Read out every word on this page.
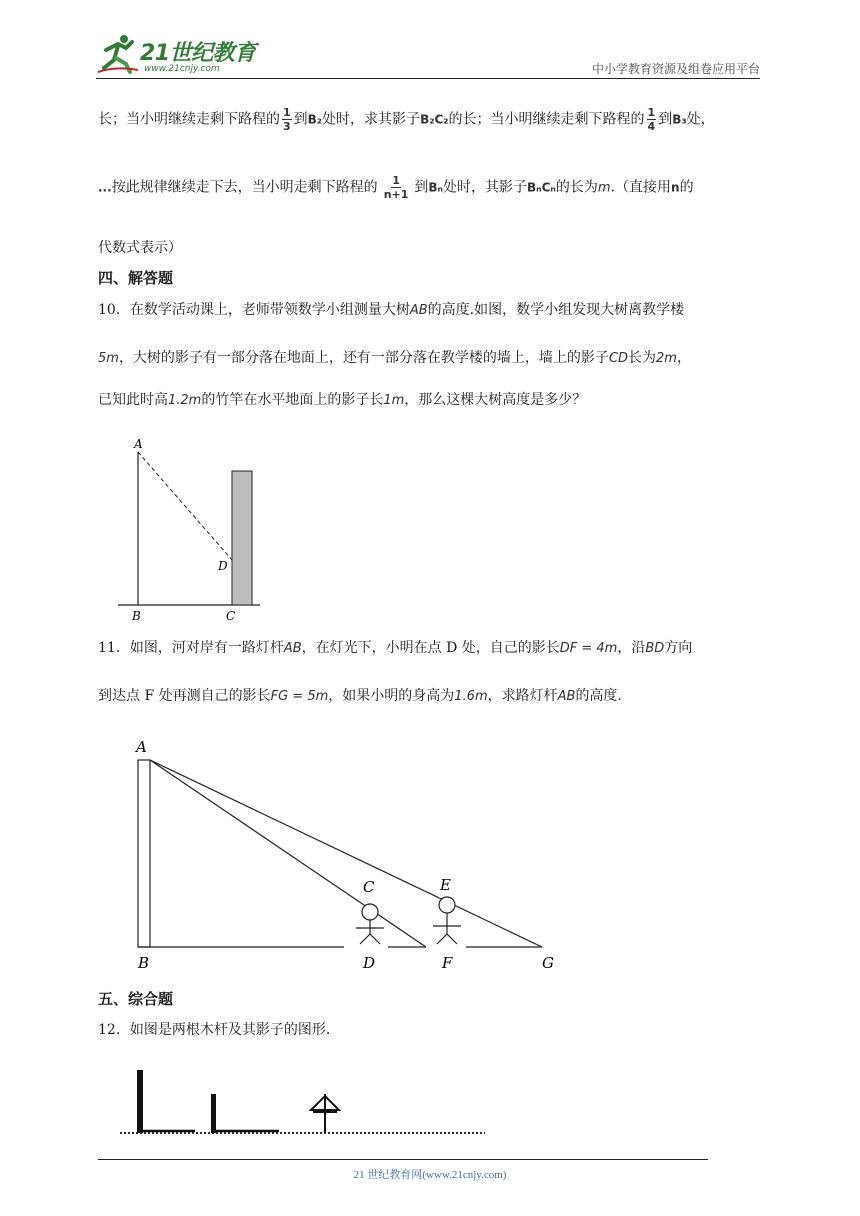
21世纪教育
www.21cnjy.com	中小学教育资源及组卷应用平台
长；当小明继续走剩下路程的 $\frac{1}{3}$ 到B₂处时，求其影子B₂C₂的长；当小明继续走剩下路程的 $\frac{1}{4}$ 到B₃处，
...按此规律继续走下去，当小明走剩下路程的 $\frac{1}{n+1}$ 到Bₙ处时，其影子BₙCₙ的长为m.（直接用n的
代数式表示）
四、解答题
10．在数学活动课上，老师带领数学小组测量大树AB的高度.如图，数学小组发现大树离教学楼
5m，大树的影子有一部分落在地面上，还有一部分落在教学楼的墙上，墙上的影子CD长为2m，
已知此时高1.2m的竹竿在水平地面上的影子长1m，那么这棵大树高度是多少？
A
B	C
D
11．如图，河对岸有一路灯杆AB，在灯光下，小明在点 D 处，自己的影长DF = 4m，沿BD方向
到达点 F 处再测自己的影长FG = 5m，如果小明的身高为1.6m，求路灯杆AB的高度.
A
B
C
D
E
F	G
五、综合题
12．如图是两根木杆及其影子的图形.
21 世纪教育网(www.21cnjy.com)
